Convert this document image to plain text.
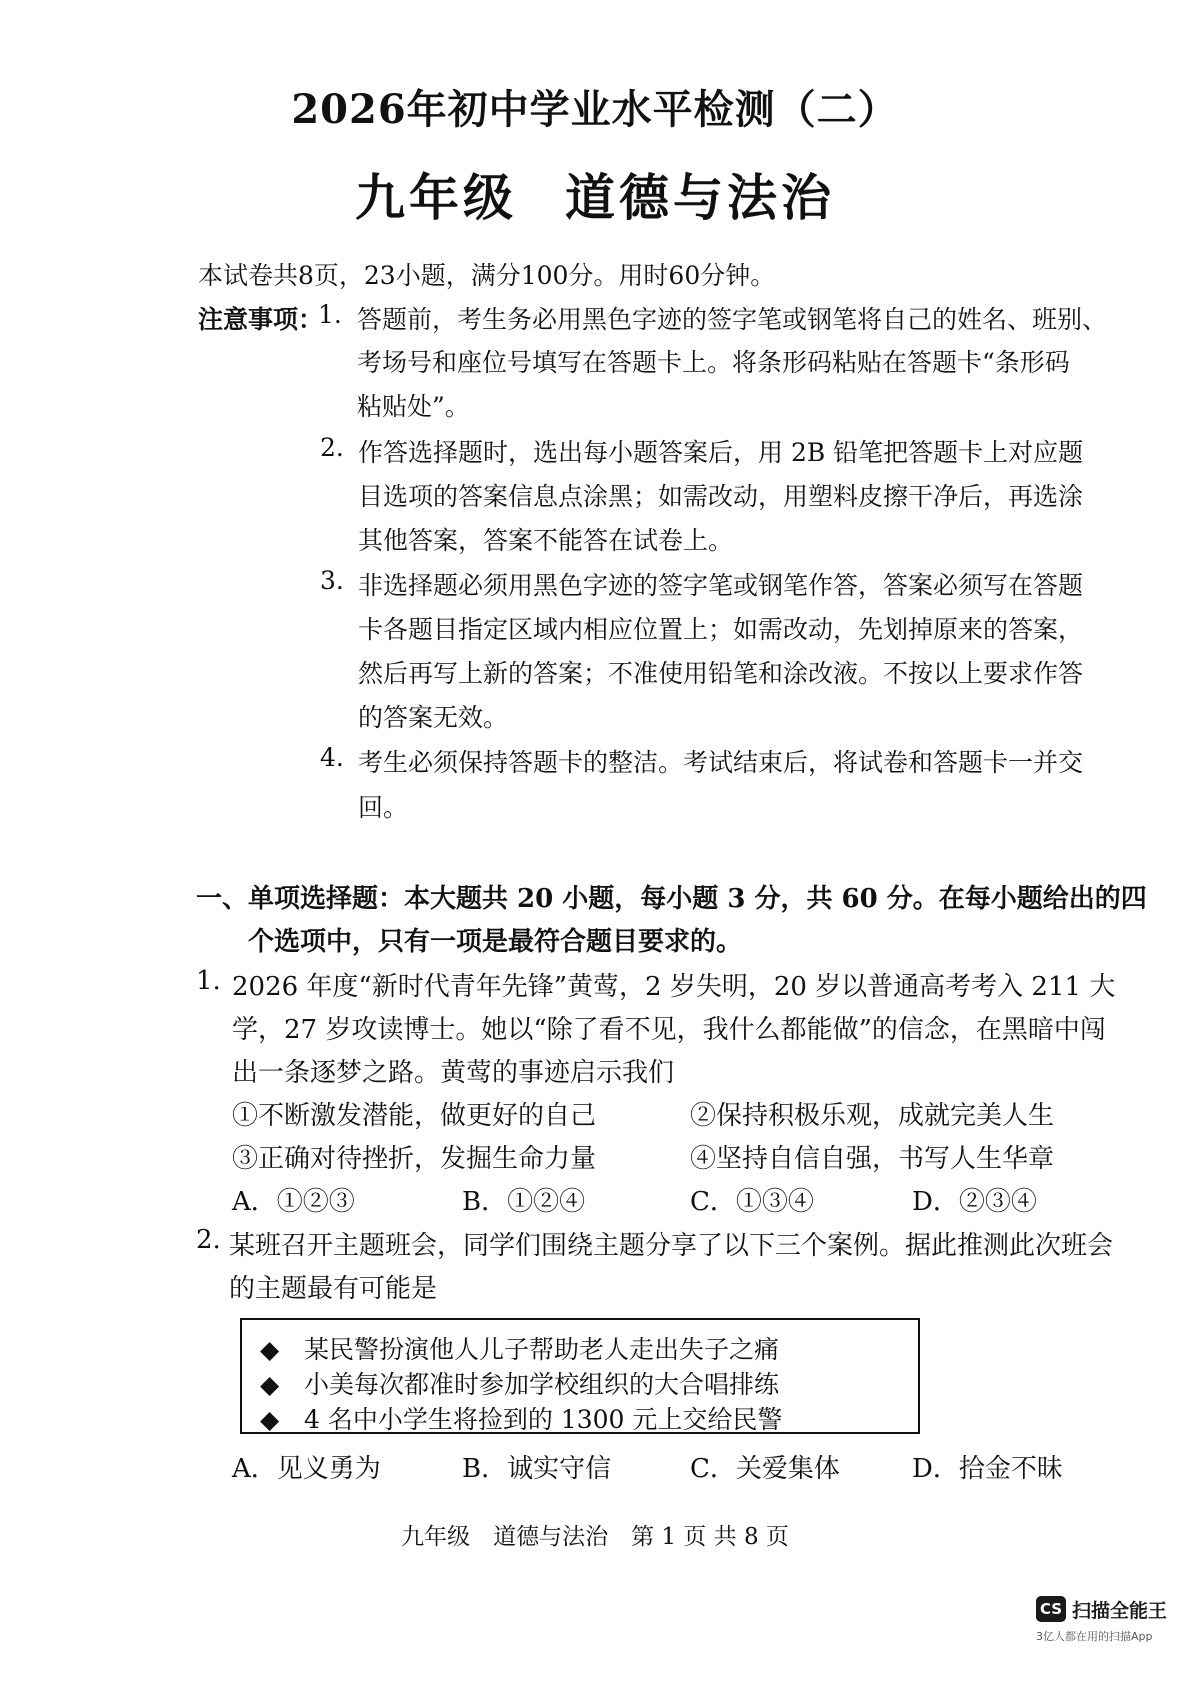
2026年初中学业水平检测（二）
九年级 道德与法治
本试卷共8页，23小题，满分100分。用时60分钟。
注意事项：
1. 答题前，考生务必用黑色字迹的签字笔或钢笔将自己的姓名、班别、
考场号和座位号填写在答题卡上。将条形码粘贴在答题卡“条形码
粘贴处”。
2. 作答选择题时，选出每小题答案后，用 2B 铅笔把答题卡上对应题
目选项的答案信息点涂黑；如需改动，用塑料皮擦干净后，再选涂
其他答案，答案不能答在试卷上。
3. 非选择题必须用黑色字迹的签字笔或钢笔作答，答案必须写在答题
卡各题目指定区域内相应位置上；如需改动，先划掉原来的答案，
然后再写上新的答案；不准使用铅笔和涂改液。不按以上要求作答
的答案无效。
4. 考生必须保持答题卡的整洁。考试结束后，将试卷和答题卡一并交
回。
一、单项选择题：本大题共 20 小题，每小题 3 分，共 60 分。在每小题给出的四
个选项中，只有一项是最符合题目要求的。
1. 2026 年度“新时代青年先锋”黄莺，2 岁失明，20 岁以普通高考考入 211 大
学，27 岁攻读博士。她以“除了看不见，我什么都能做”的信念，在黑暗中闯
出一条逐梦之路。黄莺的事迹启示我们
①不断激发潜能，做更好的自己	②保持积极乐观，成就完美人生
③正确对待挫折，发掘生命力量	④坚持自信自强，书写人生华章
A．①②③	B．①②④	C．①③④	D．②③④
2. 某班召开主题班会，同学们围绕主题分享了以下三个案例。据此推测此次班会
的主题最有可能是
◆ 某民警扮演他人儿子帮助老人走出失子之痛
◆ 小美每次都准时参加学校组织的大合唱排练
◆ 4 名中小学生将捡到的 1300 元上交给民警
A．见义勇为	B．诚实守信	C．关爱集体	D．拾金不昧
九年级　道德与法治　第 1 页 共 8 页
CS 扫描全能王
3亿人都在用的扫描App
